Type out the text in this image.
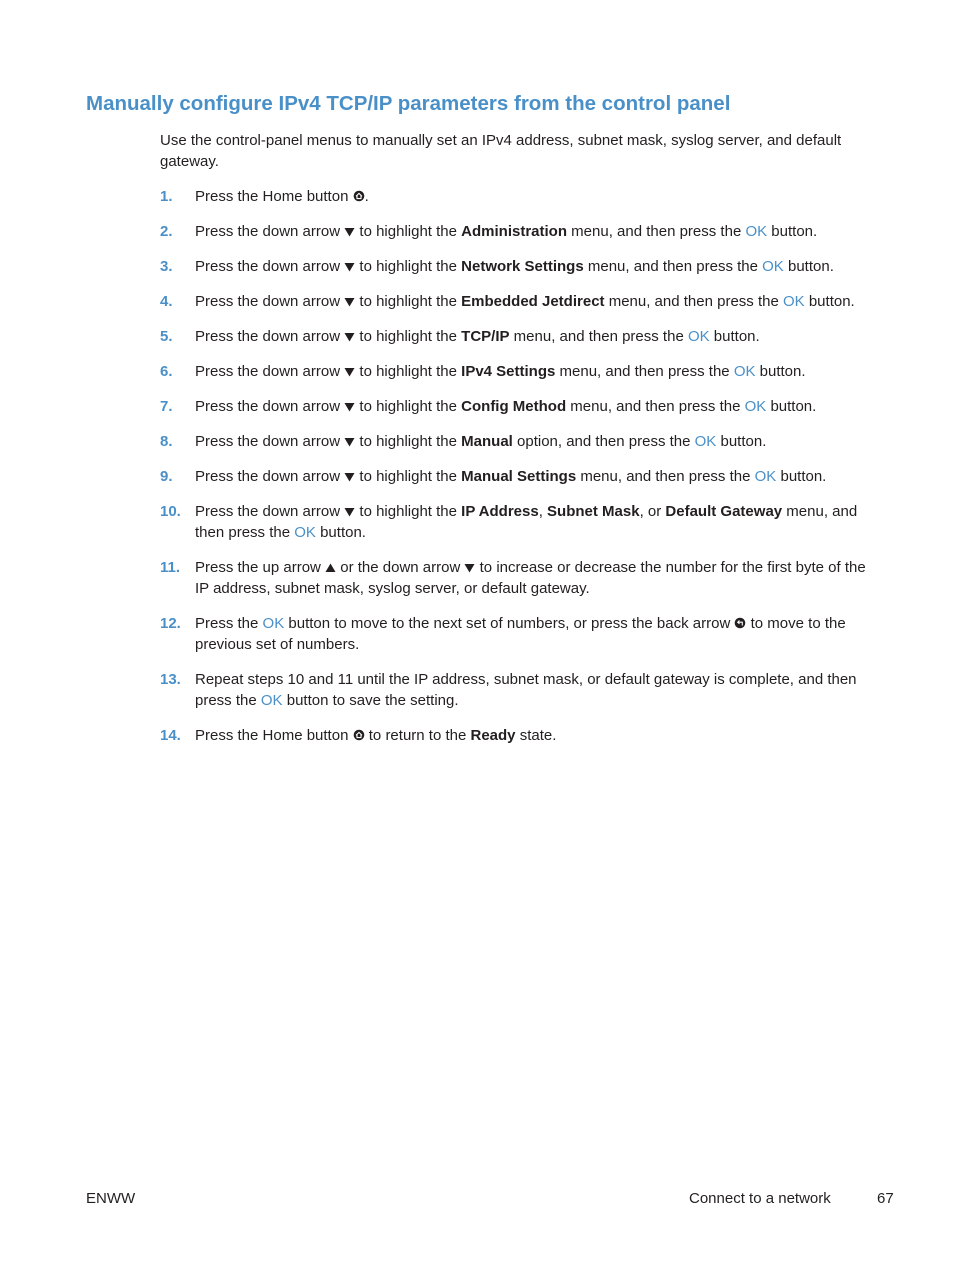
Manually configure IPv4 TCP/IP parameters from the control panel

Use the control-panel menus to manually set an IPv4 address, subnet mask, syslog server, and default gateway.

1. Press the Home button .
2. Press the down arrow  to highlight the Administration menu, and then press the OK button.
3. Press the down arrow  to highlight the Network Settings menu, and then press the OK button.
4. Press the down arrow  to highlight the Embedded Jetdirect menu, and then press the OK button.
5. Press the down arrow  to highlight the TCP/IP menu, and then press the OK button.
6. Press the down arrow  to highlight the IPv4 Settings menu, and then press the OK button.
7. Press the down arrow  to highlight the Config Method menu, and then press the OK button.
8. Press the down arrow  to highlight the Manual option, and then press the OK button.
9. Press the down arrow  to highlight the Manual Settings menu, and then press the OK button.
10. Press the down arrow  to highlight the IP Address, Subnet Mask, or Default Gateway menu, and then press the OK button.
11. Press the up arrow  or the down arrow  to increase or decrease the number for the first byte of the IP address, subnet mask, syslog server, or default gateway.
12. Press the OK button to move to the next set of numbers, or press the back arrow  to move to the previous set of numbers.
13. Repeat steps 10 and 11 until the IP address, subnet mask, or default gateway is complete, and then press the OK button to save the setting.
14. Press the Home button  to return to the Ready state.
ENWW	Connect to a network	67
